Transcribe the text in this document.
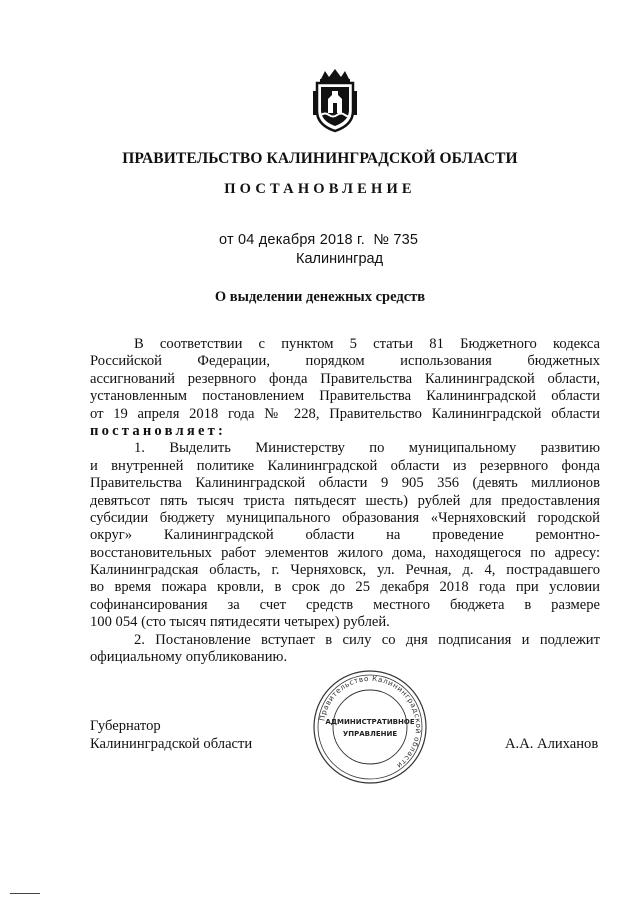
ПРАВИТЕЛЬСТВО КАЛИНИНГРАДСКОЙ ОБЛАСТИ
ПОСТАНОВЛЕНИЕ
от 04 декабря 2018 г.  № 735
Калининград
О выделении денежных средств
В соответствии с пунктом 5 статьи 81 Бюджетного кодекса
Российской Федерации, порядком использования бюджетных
ассигнований резервного фонда Правительства Калининградской области,
установленным постановлением Правительства Калининградской области
от 19 апреля 2018 года № 228, Правительство Калининградской области
постановляет:
1. Выделить Министерству по муниципальному развитию
и внутренней политике Калининградской области из резервного фонда
Правительства Калининградской области 9 905 356 (девять миллионов
девятьсот пять тысяч триста пятьдесят шесть) рублей для предоставления
субсидии бюджету муниципального образования «Черняховский городской
округ» Калининградской области на проведение ремонтно-
восстановительных работ элементов жилого дома, находящегося по адресу:
Калининградская область, г. Черняховск, ул. Речная, д. 4, пострадавшего
во время пожара кровли, в срок до 25 декабря 2018 года при условии
софинансирования за счет средств местного бюджета в размере
100 054 (сто тысяч пятидесяти четырех) рублей.
2. Постановление вступает в силу со дня подписания и подлежит
официальному опубликованию.
Правительство Калининградской области
АДМИНИСТРАТИВНОЕ
УПРАВЛЕНИЕ
Губернатор
Калининградской области	А.А. Алиханов
